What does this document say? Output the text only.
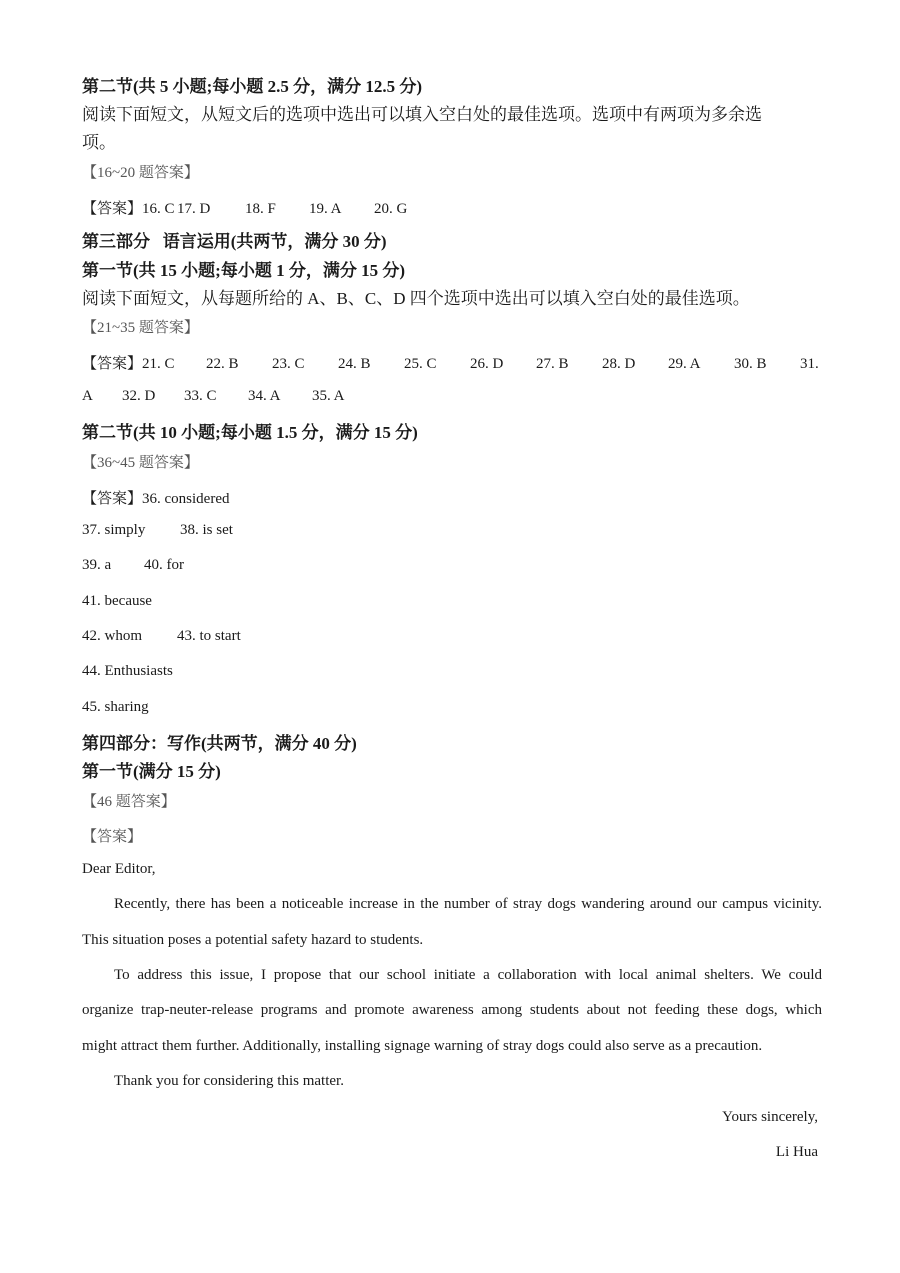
第二节(共 5 小题;每小题 2.5 分，满分 12.5 分)
阅读下面短文，从短文后的选项中选出可以填入空白处的最佳选项。选项中有两项为多余选
项。
【16~20 题答案】
【答案】16. C 17. D 18. F 19. A 20. G
第三部分   语言运用(共两节，满分 30 分)
第一节(共 15 小题;每小题 1 分，满分 15 分)
阅读下面短文，从每题所给的 A、B、C、D 四个选项中选出可以填入空白处的最佳选项。
【21~35 题答案】
【答案】21. C 22. B 23. C 24. B 25. C 26. D 27. B 28. D 29. A 30. B 31.
A 32. D 33. C 34. A 35. A
第二节(共 10 小题;每小题 1.5 分，满分 15 分)
【36~45 题答案】
【答案】36. considered
37. simply 38. is set
39. a 40. for
41. because
42. whom 43. to start
44. Enthusiasts
45. sharing
第四部分：写作(共两节，满分 40 分)
第一节(满分 15 分)
【46 题答案】
【答案】
Dear Editor,
Recently, there has been a noticeable increase in the number of stray dogs wandering around our campus vicinity.
This situation poses a potential safety hazard to students.
To address this issue, I propose that our school initiate a collaboration with local animal shelters. We could
organize trap-neuter-release programs and promote awareness among students about not feeding these dogs, which
might attract them further. Additionally, installing signage warning of stray dogs could also serve as a precaution.
Thank you for considering this matter.
Yours sincerely,
Li Hua
